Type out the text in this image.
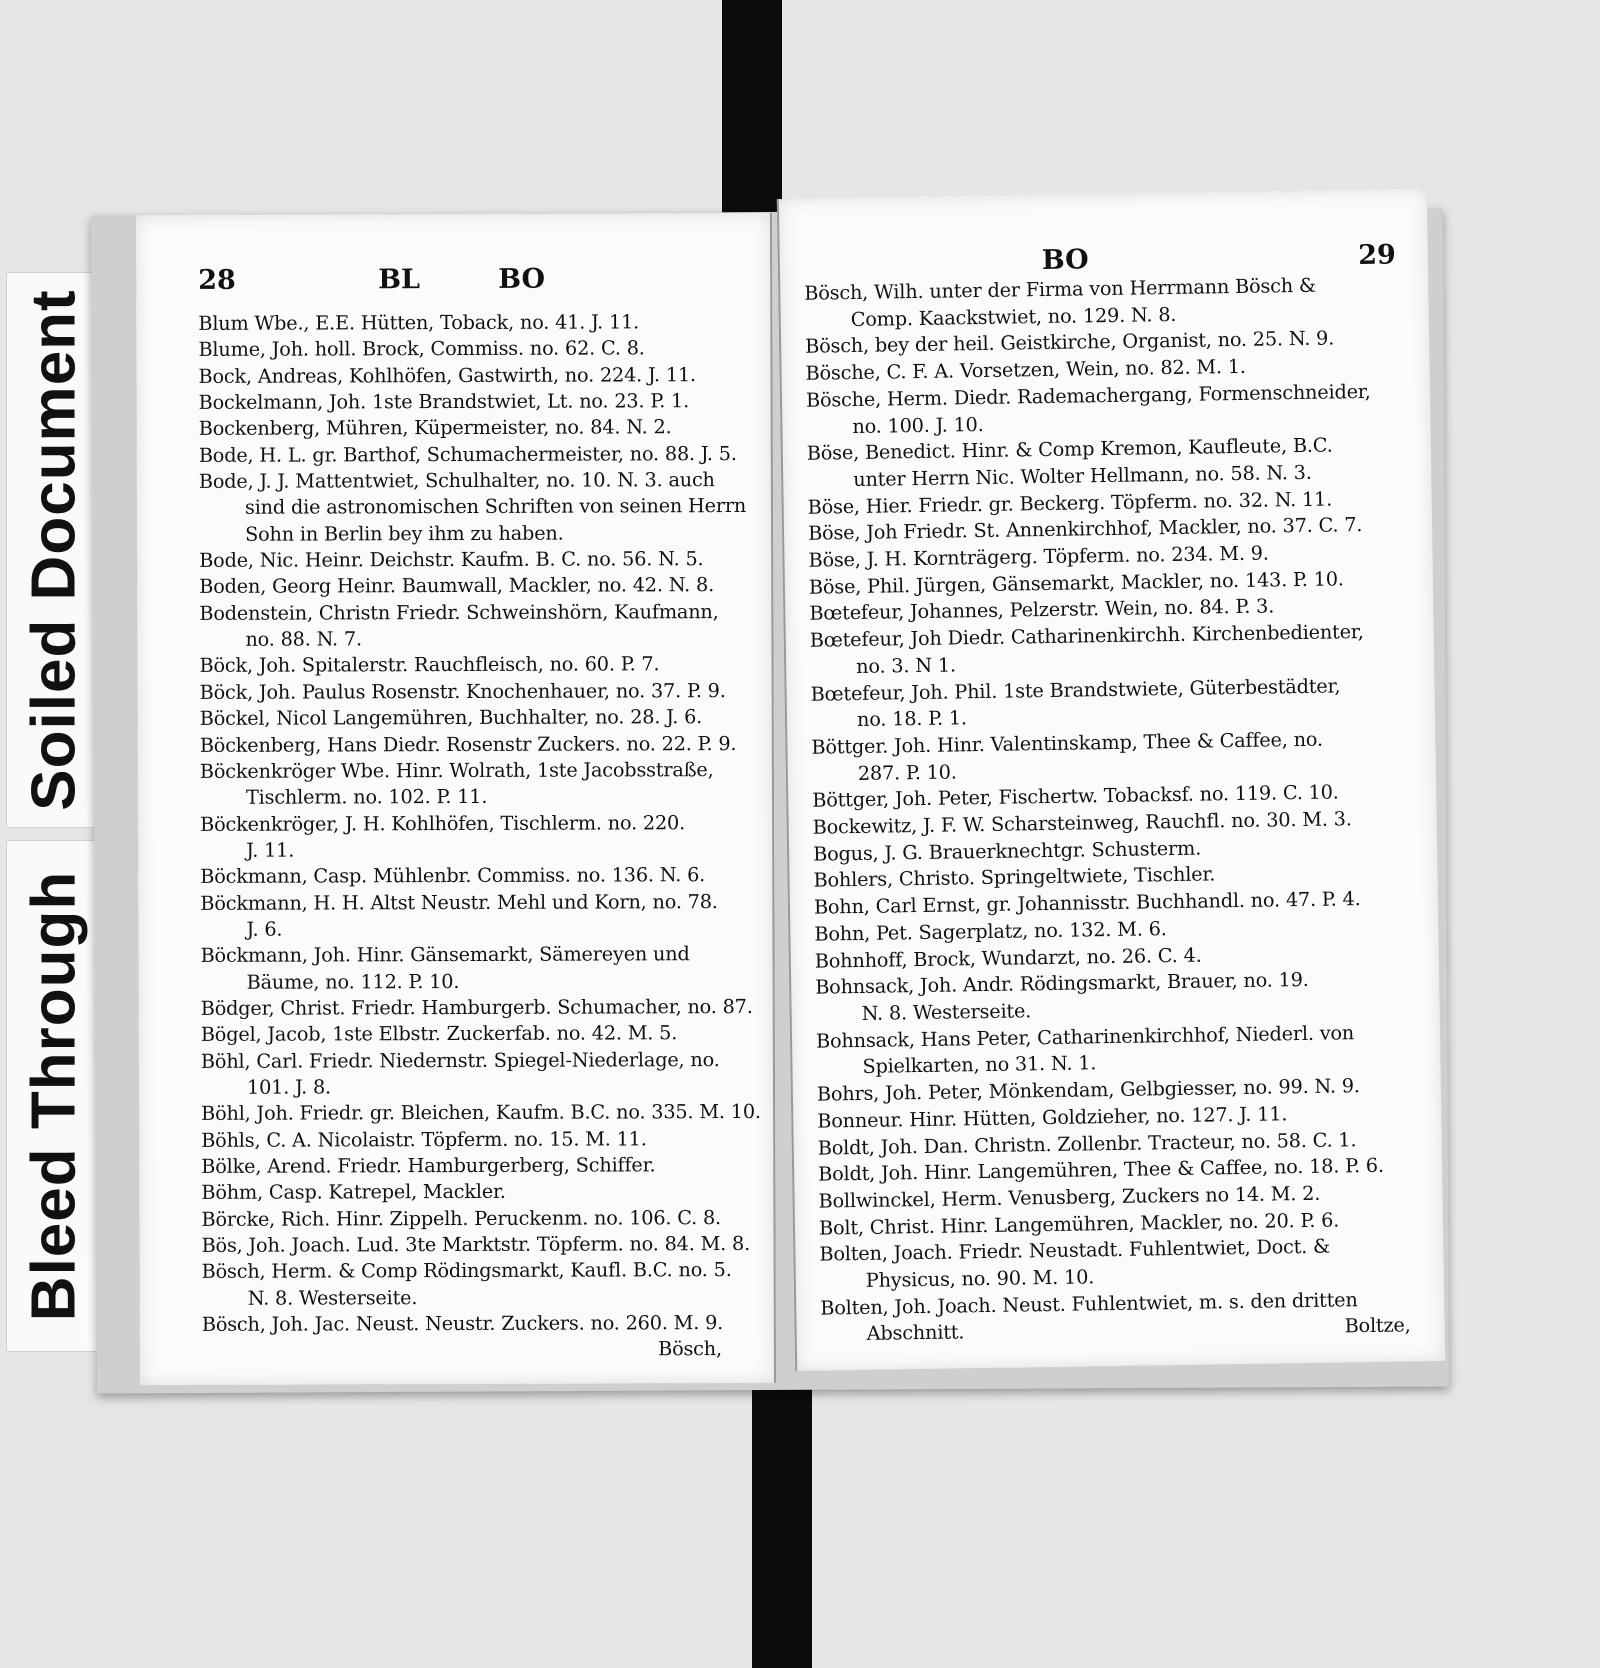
Soiled Document
Bleed Through
28	BL	BO
Blum Wbe., E.E. Hütten, Toback, no. 41. J. 11.
Blume, Joh. holl. Brock, Commiss. no. 62. C. 8.
Bock, Andreas, Kohlhöfen, Gastwirth, no. 224. J. 11.
Bockelmann, Joh. 1ste Brandstwiet, Lt. no. 23. P. 1.
Bockenberg, Mühren, Küpermeister, no. 84. N. 2.
Bode, H. L. gr. Barthof, Schumachermeister, no. 88. J. 5.
Bode, J. J. Mattentwiet, Schulhalter, no. 10. N. 3. auch
sind die astronomischen Schriften von seinen Herrn
Sohn in Berlin bey ihm zu haben.
Bode, Nic. Heinr. Deichstr. Kaufm. B. C. no. 56. N. 5.
Boden, Georg Heinr. Baumwall, Mackler, no. 42. N. 8.
Bodenstein, Christn Friedr. Schweinshörn, Kaufmann,
no. 88. N. 7.
Böck, Joh. Spitalerstr. Rauchfleisch, no. 60. P. 7.
Böck, Joh. Paulus Rosenstr. Knochenhauer, no. 37. P. 9.
Böckel, Nicol Langemühren, Buchhalter, no. 28. J. 6.
Böckenberg, Hans Diedr. Rosenstr Zuckers. no. 22. P. 9.
Böckenkröger Wbe. Hinr. Wolrath, 1ste Jacobsstraße,
Tischlerm. no. 102. P. 11.
Böckenkröger, J. H. Kohlhöfen, Tischlerm. no. 220.
J. 11.
Böckmann, Casp. Mühlenbr. Commiss. no. 136. N. 6.
Böckmann, H. H. Altst Neustr. Mehl und Korn, no. 78.
J. 6.
Böckmann, Joh. Hinr. Gänsemarkt, Sämereyen und
Bäume, no. 112. P. 10.
Bödger, Christ. Friedr. Hamburgerb. Schumacher, no. 87.
Bögel, Jacob, 1ste Elbstr. Zuckerfab. no. 42. M. 5.
Böhl, Carl. Friedr. Niedernstr. Spiegel-Niederlage, no.
101. J. 8.
Böhl, Joh. Friedr. gr. Bleichen, Kaufm. B.C. no. 335. M. 10.
Böhls, C. A. Nicolaistr. Töpferm. no. 15. M. 11.
Bölke, Arend. Friedr. Hamburgerberg, Schiffer.
Böhm, Casp. Katrepel, Mackler.
Börcke, Rich. Hinr. Zippelh. Peruckenm. no. 106. C. 8.
Bös, Joh. Joach. Lud. 3te Marktstr. Töpferm. no. 84. M. 8.
Bösch, Herm. & Comp Rödingsmarkt, Kaufl. B.C. no. 5.
N. 8. Westerseite.
Bösch, Joh. Jac. Neust. Neustr. Zuckers. no. 260. M. 9.
Bösch,
BO	29
Bösch, Wilh. unter der Firma von Herrmann Bösch &
Comp. Kaackstwiet, no. 129. N. 8.
Bösch, bey der heil. Geistkirche, Organist, no. 25. N. 9.
Bösche, C. F. A. Vorsetzen, Wein, no. 82. M. 1.
Bösche, Herm. Diedr. Rademachergang, Formenschneider,
no. 100. J. 10.
Böse, Benedict. Hinr. & Comp Kremon, Kaufleute, B.C.
unter Herrn Nic. Wolter Hellmann, no. 58. N. 3.
Böse, Hier. Friedr. gr. Beckerg. Töpferm. no. 32. N. 11.
Böse, Joh Friedr. St. Annenkirchhof, Mackler, no. 37. C. 7.
Böse, J. H. Kornträgerg. Töpferm. no. 234. M. 9.
Böse, Phil. Jürgen, Gänsemarkt, Mackler, no. 143. P. 10.
Bœtefeur, Johannes, Pelzerstr. Wein, no. 84. P. 3.
Bœtefeur, Joh Diedr. Catharinenkirchh. Kirchenbedienter,
no. 3. N 1.
Bœtefeur, Joh. Phil. 1ste Brandstwiete, Güterbestädter,
no. 18. P. 1.
Böttger. Joh. Hinr. Valentinskamp, Thee & Caffee, no.
287. P. 10.
Böttger, Joh. Peter, Fischertw. Tobacksf. no. 119. C. 10.
Bockewitz, J. F. W. Scharsteinweg, Rauchfl. no. 30. M. 3.
Bogus, J. G. Brauerknechtgr. Schusterm.
Bohlers, Christo. Springeltwiete, Tischler.
Bohn, Carl Ernst, gr. Johannisstr. Buchhandl. no. 47. P. 4.
Bohn, Pet. Sagerplatz, no. 132. M. 6.
Bohnhoff, Brock, Wundarzt, no. 26. C. 4.
Bohnsack, Joh. Andr. Rödingsmarkt, Brauer, no. 19.
N. 8. Westerseite.
Bohnsack, Hans Peter, Catharinenkirchhof, Niederl. von
Spielkarten, no 31. N. 1.
Bohrs, Joh. Peter, Mönkendam, Gelbgiesser, no. 99. N. 9.
Bonneur. Hinr. Hütten, Goldzieher, no. 127. J. 11.
Boldt, Joh. Dan. Christn. Zollenbr. Tracteur, no. 58. C. 1.
Boldt, Joh. Hinr. Langemühren, Thee & Caffee, no. 18. P. 6.
Bollwinckel, Herm. Venusberg, Zuckers no 14. M. 2.
Bolt, Christ. Hinr. Langemühren, Mackler, no. 20. P. 6.
Bolten, Joach. Friedr. Neustadt. Fuhlentwiet, Doct. &
Physicus, no. 90. M. 10.
Bolten, Joh. Joach. Neust. Fuhlentwiet, m. s. den dritten
Abschnitt.	Boltze,
